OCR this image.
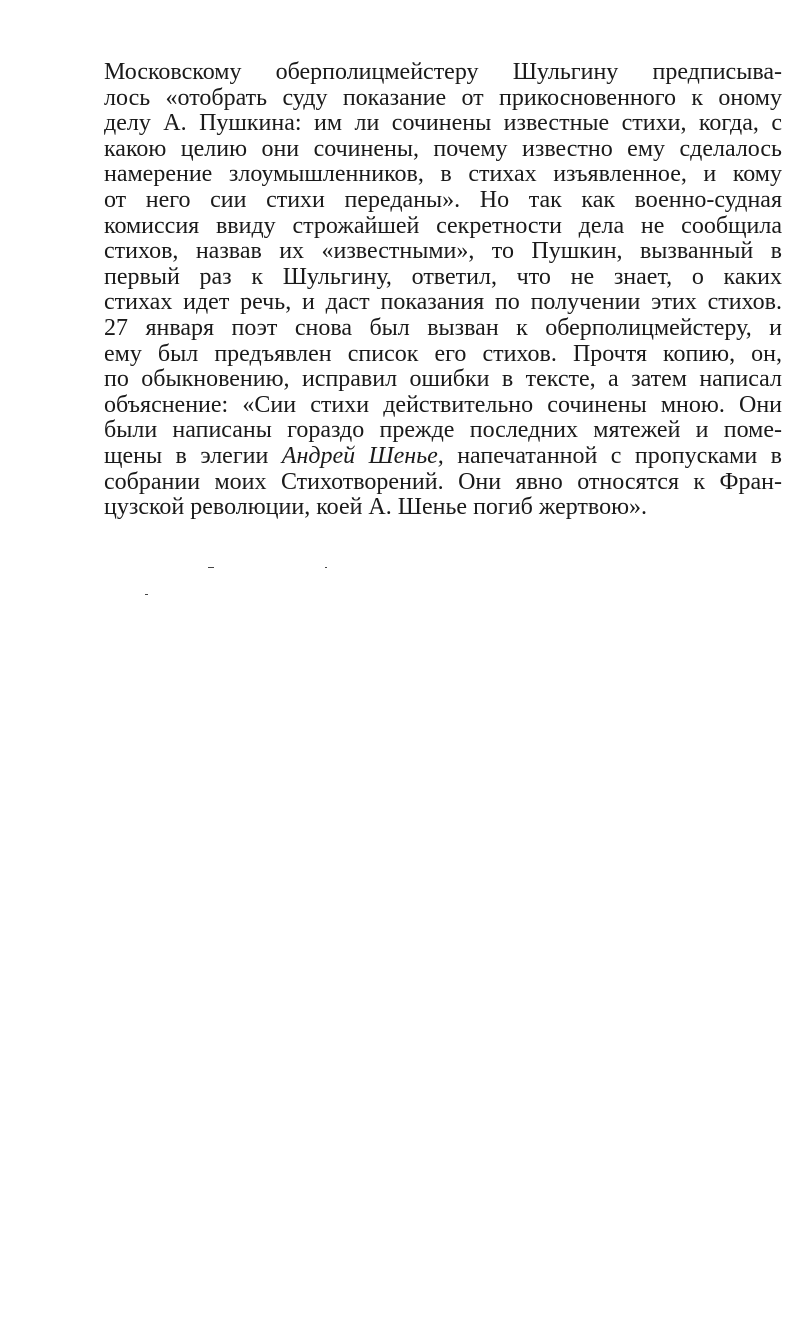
Московскому оберполицмейстеру Шульгину предписыва-
лось «отобрать суду показание от прикосновенного к оному
делу А. Пушкина: им ли сочинены известные стихи, когда, с
какою целию они сочинены, почему известно ему сделалось
намерение злоумышленников, в стихах изъявленное, и кому
от него сии стихи переданы». Но так как военно-судная
комиссия ввиду строжайшей секретности дела не сообщила
стихов, назвав их «известными», то Пушкин, вызванный в
первый раз к Шульгину, ответил, что не знает, о каких
стихах идет речь, и даст показания по получении этих стихов.
27 января поэт снова был вызван к оберполицмейстеру, и
ему был предъявлен список его стихов. Прочтя копию, он,
по обыкновению, исправил ошибки в тексте, а затем написал
объяснение: «Сии стихи действительно сочинены мною. Они
были написаны гораздо прежде последних мятежей и поме-
щены в элегии Андрей Шенье, напечатанной с пропусками в
собрании моих Стихотворений. Они явно относятся к Фран-
цузской революции, коей А. Шенье погиб жертвою».
